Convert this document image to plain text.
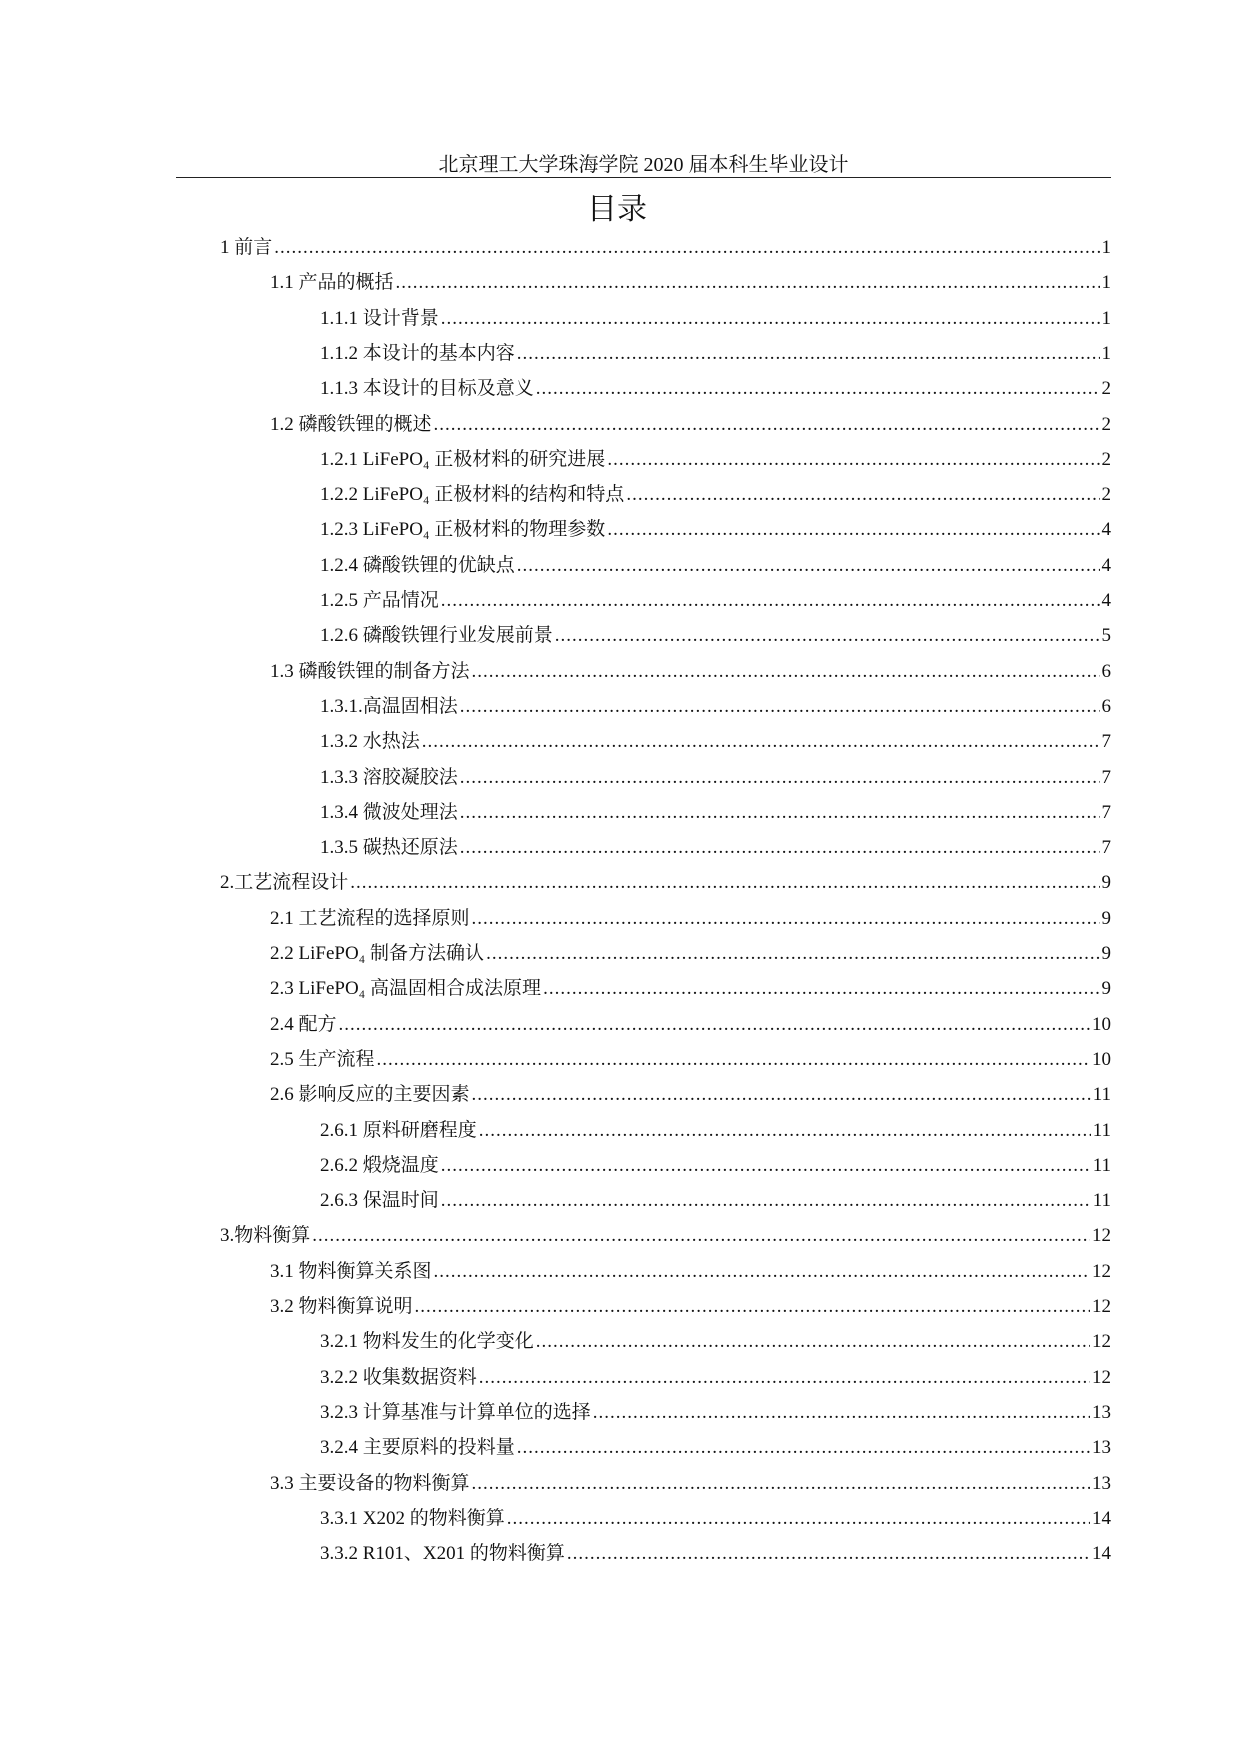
北京理工大学珠海学院 2020 届本科生毕业设计
目录
1 前言 .....	1
1.1 产品的概括 .....	1
1.1.1 设计背景 .....	1
1.1.2 本设计的基本内容 .....	1
1.1.3 本设计的目标及意义 .....	2
1.2 磷酸铁锂的概述 .....	2
1.2.1 LiFePO₄ 正极材料的研究进展 .....	2
1.2.2 LiFePO₄ 正极材料的结构和特点 .....	2
1.2.3 LiFePO₄ 正极材料的物理参数 .....	4
1.2.4 磷酸铁锂的优缺点 .....	4
1.2.5 产品情况 .....	4
1.2.6 磷酸铁锂行业发展前景 .....	5
1.3 磷酸铁锂的制备方法 .....	6
1.3.1.高温固相法 .....	6
1.3.2 水热法 .....	7
1.3.3 溶胶凝胶法 .....	7
1.3.4 微波处理法 .....	7
1.3.5 碳热还原法 .....	7
2.工艺流程设计 .....	9
2.1 工艺流程的选择原则 .....	9
2.2 LiFePO₄ 制备方法确认 .....	9
2.3 LiFePO₄ 高温固相合成法原理 .....	9
2.4 配方 .....	10
2.5 生产流程 .....	10
2.6 影响反应的主要因素 .....	11
2.6.1 原料研磨程度 .....	11
2.6.2 煅烧温度 .....	11
2.6.3 保温时间 .....	11
3.物料衡算 .....	12
3.1 物料衡算关系图 .....	12
3.2 物料衡算说明 .....	12
3.2.1 物料发生的化学变化 .....	12
3.2.2 收集数据资料 .....	12
3.2.3 计算基准与计算单位的选择 .....	13
3.2.4 主要原料的投料量 .....	13
3.3 主要设备的物料衡算 .....	13
3.3.1 X202 的物料衡算 .....	14
3.3.2 R101、X201 的物料衡算 .....	14
